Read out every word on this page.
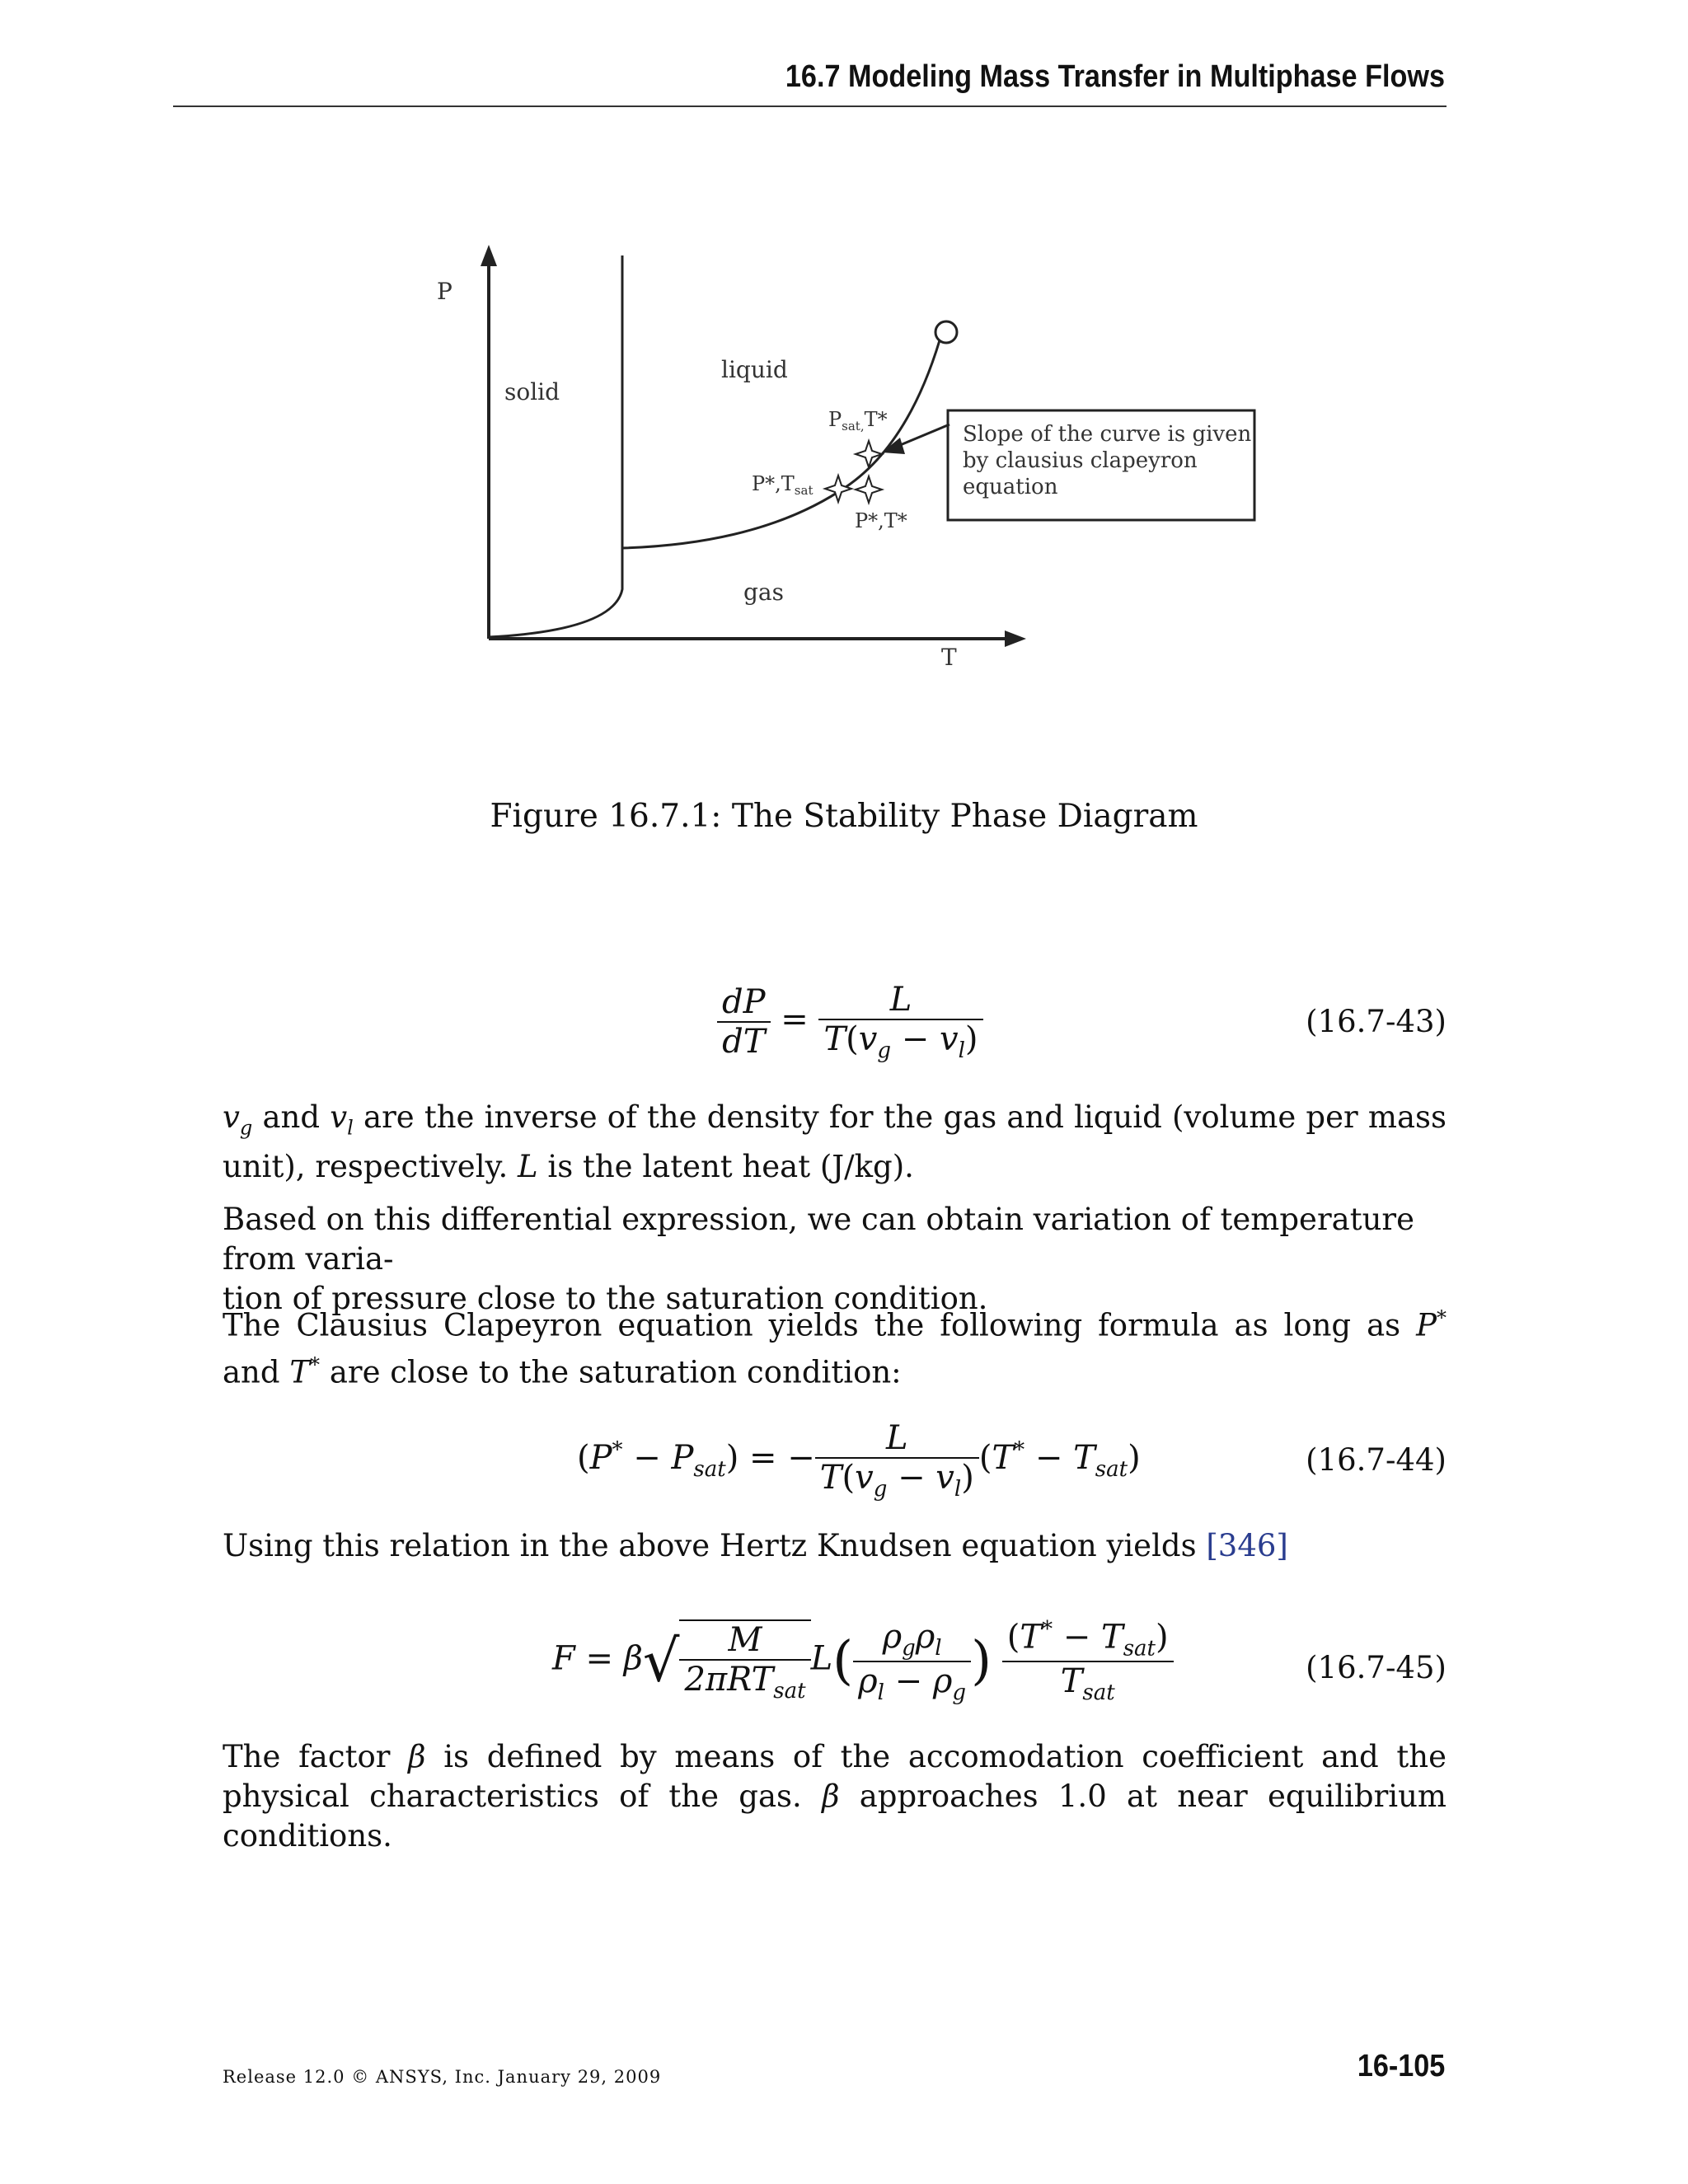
16.7 Modeling Mass Transfer in Multiphase Flows
P
T
solid
liquid
gas
$P_{sat,}T*$
$P*,T_{sat}$
P*,T*
Slope of the curve is given
by clausius clapeyron
equation
Figure 16.7.1: The Stability Phase Diagram
$\frac{dP}{dT} = \frac{L}{T(v_g - v_l)}$	(16.7-43)
$v_g$ and $v_l$ are the inverse of the density for the gas and liquid (volume per mass unit), respectively. L is the latent heat (J/kg).
Based on this differential expression, we can obtain variation of temperature from varia-
tion of pressure close to the saturation condition.
The Clausius Clapeyron equation yields the following formula as long as P* and T* are close to the saturation condition:
$(P^* - P_{sat})$ = − $\frac{L}{T(v_g - v_l)} (T^* - T_{sat})$	(16.7-44)
Using this relation in the above Hertz Knudsen equation yields [346]
$F = \beta√ \frac{M}{2\pi RT_{sat}} L( \frac{\rho_g\rho_l}{\rho_l - \rho_g}$ ) $\frac{(T^* - T_{sat})}{T_{sat}}$	(16.7-45)
The factor β is defined by means of the accomodation coefficient and the physical characteristics of the gas. β approaches 1.0 at near equilibrium conditions.
Release 12.0 © ANSYS, Inc. January 29, 2009	16-105
